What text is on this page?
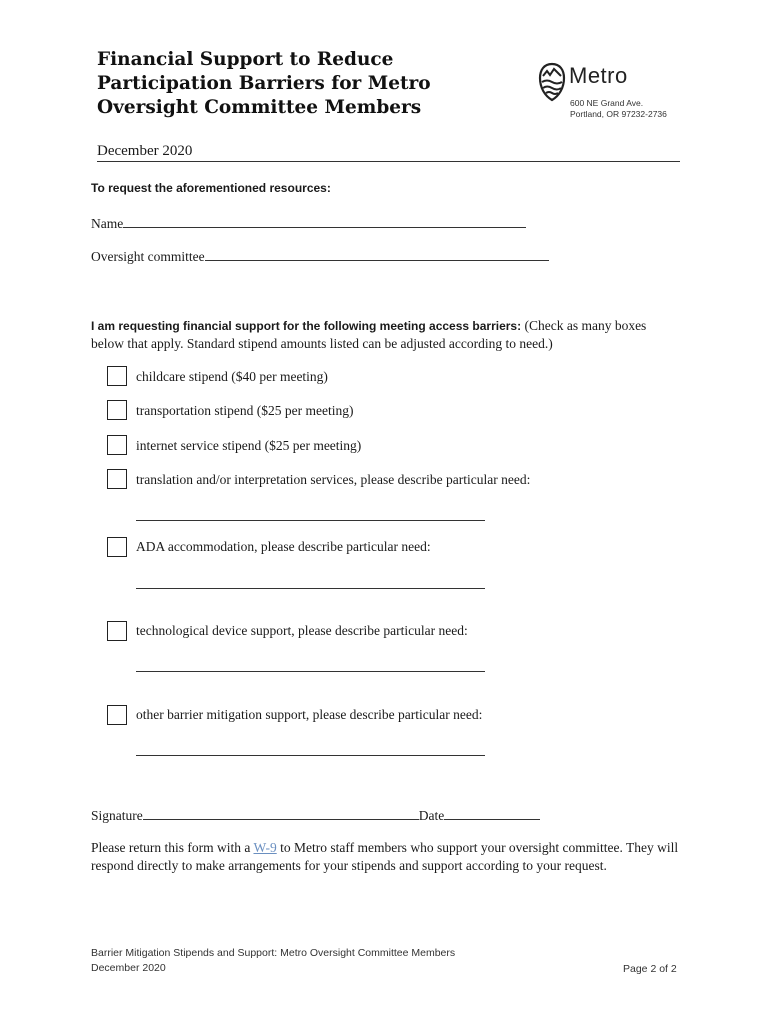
Financial Support to Reduce Participation Barriers for Metro Oversight Committee Members
Metro
600 NE Grand Ave.
Portland, OR 97232-2736
December 2020
To request the aforementioned resources:
Name
Oversight committee
I am requesting financial support for the following meeting access barriers: (Check as many boxes below that apply. Standard stipend amounts listed can be adjusted according to need.)
childcare stipend ($40 per meeting)
transportation stipend ($25 per meeting)
internet service stipend ($25 per meeting)
translation and/or interpretation services, please describe particular need:
ADA accommodation, please describe particular need:
technological device support, please describe particular need:
other barrier mitigation support, please describe particular need:
Signature	Date
Please return this form with a W-9 to Metro staff members who support your oversight committee. They will respond directly to make arrangements for your stipends and support according to your request.
Barrier Mitigation Stipends and Support: Metro Oversight Committee Members
December 2020	Page 2 of 2
